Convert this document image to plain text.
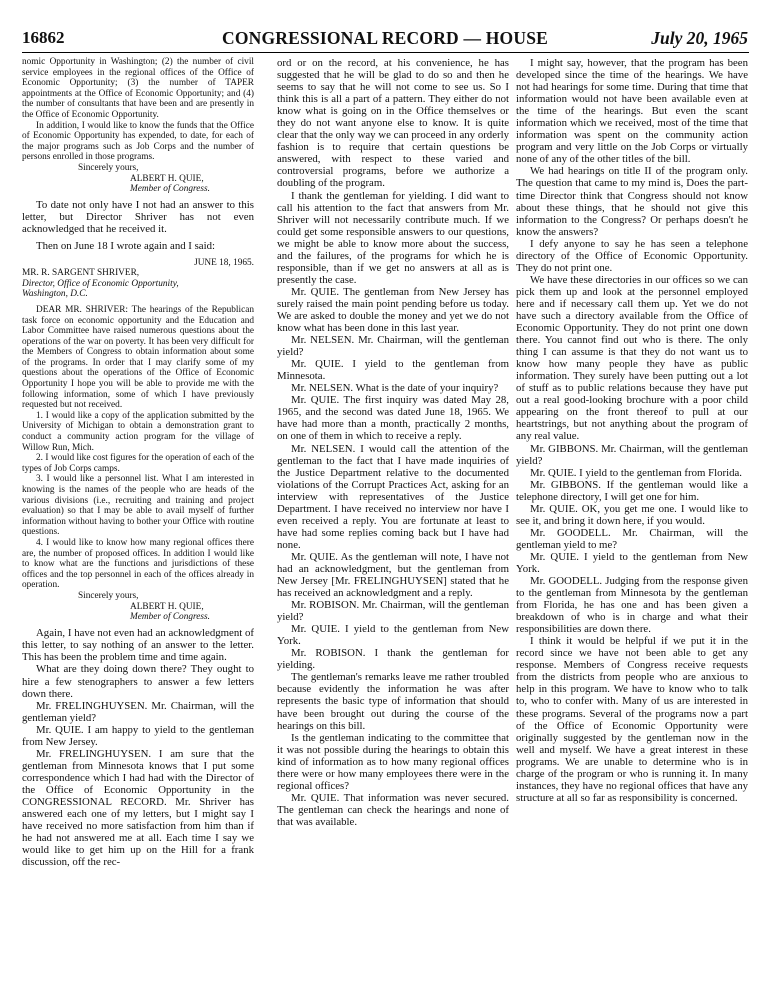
16862	CONGRESSIONAL RECORD — HOUSE	July 20, 1965

nomic Opportunity in Washington; (2) the number of civil service employees in the regional offices of the Office of Economic Opportunity; (3) the number of TAPER appointments at the Office of Economic Opportunity; and (4) the number of consultants that have been and are presently in the Office of Economic Opportunity.

In addition, I would like to know the funds that the Office of Economic Opportunity has expended, to date, for each of the major programs such as Job Corps and the number of persons enrolled in those programs.

Sincerely yours,

ALBERT H. QUIE,

Member of Congress.

To date not only have I not had an answer to this letter, but Director Shriver has not even acknowledged that he received it.

Then on June 18 I wrote again and I said:

JUNE 18, 1965.

MR. R. SARGENT SHRIVER,

Director, Office of Economic Opportunity,

Washington, D.C.

DEAR MR. SHRIVER: The hearings of the Republican task force on economic opportunity and the Education and Labor Committee have raised numerous questions about the operations of the war on poverty. It has been very difficult for the Members of Congress to obtain information about some of the programs. In order that I may clarify some of my questions about the operations of the Office of Economic Opportunity I hope you will be able to provide me with the following information, some of which I have previously requested but not received.

1. I would like a copy of the application submitted by the University of Michigan to obtain a demonstration grant to conduct a community action program for the village of Willow Run, Mich.

2. I would like cost figures for the operation of each of the types of Job Corps camps.

3. I would like a personnel list. What I am interested in knowing is the names of the people who are heads of the various divisions (i.e., recruiting and training and project evaluation) so that I may be able to avail myself of further information without having to bother your Office with routine questions.

4. I would like to know how many regional offices there are, the number of proposed offices. In addition I would like to know what are the functions and jurisdictions of these offices and the top personnel in each of the offices already in operation.

Sincerely yours,

ALBERT H. QUIE,

Member of Congress.

Again, I have not even had an acknowledgment of this letter, to say nothing of an answer to the letter. This has been the problem time and time again.

What are they doing down there? They ought to hire a few stenographers to answer a few letters down there.

Mr. FRELINGHUYSEN. Mr. Chairman, will the gentleman yield?

Mr. QUIE. I am happy to yield to the gentleman from New Jersey.

Mr. FRELINGHUYSEN. I am sure that the gentleman from Minnesota knows that I put some correspondence which I had had with the Director of the Office of Economic Opportunity in the CONGRESSIONAL RECORD. Mr. Shriver has answered each one of my letters, but I might say I have received no more satisfaction from him than if he had not answered me at all. Each time I say we would like to get him up on the Hill for a frank discussion, off the rec-

ord or on the record, at his convenience, he has suggested that he will be glad to do so and then he seems to say that he will not come to see us. So I think this is all a part of a pattern. They either do not know what is going on in the Office themselves or they do not want anyone else to know. It is quite clear that the only way we can proceed in any orderly fashion is to require that certain questions be answered, with respect to these varied and controversial programs, before we authorize a doubling of the program.

I thank the gentleman for yielding. I did want to call his attention to the fact that answers from Mr. Shriver will not necessarily contribute much. If we could get some responsible answers to our questions, we might be able to know more about the success, and the failures, of the programs for which he is responsible, than if we get no answers at all as is presently the case.

Mr. QUIE. The gentleman from New Jersey has surely raised the main point pending before us today. We are asked to double the money and yet we do not know what has been done in this last year.

Mr. NELSEN. Mr. Chairman, will the gentleman yield?

Mr. QUIE. I yield to the gentleman from Minnesota.

Mr. NELSEN. What is the date of your inquiry?

Mr. QUIE. The first inquiry was dated May 28, 1965, and the second was dated June 18, 1965. We have had more than a month, practically 2 months, on one of them in which to receive a reply.

Mr. NELSEN. I would call the attention of the gentleman to the fact that I have made inquiries of the Justice Department relative to the documented violations of the Corrupt Practices Act, asking for an interview with representatives of the Justice Department. I have received no interview nor have I even received a reply. You are fortunate at least to have had some replies coming back but I have had none.

Mr. QUIE. As the gentleman will note, I have not had an acknowledgment, but the gentleman from New Jersey [Mr. FRELINGHUYSEN] stated that he has received an acknowledgment and a reply.

Mr. ROBISON. Mr. Chairman, will the gentleman yield?

Mr. QUIE. I yield to the gentleman from New York.

Mr. ROBISON. I thank the gentleman for yielding.

The gentleman's remarks leave me rather troubled because evidently the information he was after represents the basic type of information that should have been brought out during the course of the hearings on this bill.

Is the gentleman indicating to the committee that it was not possible during the hearings to obtain this kind of information as to how many regional offices there were or how many employees there were in the regional offices?

Mr. QUIE. That information was never secured. The gentleman can check the hearings and none of that was available.

I might say, however, that the program has been developed since the time of the hearings. We have not had hearings for some time. During that time that information would not have been available even at the time of the hearings. But even the scant information which we received, most of the time that information was spent on the community action program and very little on the Job Corps or virtually none of any of the other titles of the bill.

We had hearings on title II of the program only. The question that came to my mind is, Does the part-time Director think that Congress should not know about these things, that he should not give this information to the Congress? Or perhaps doesn't he know the answers?

I defy anyone to say he has seen a telephone directory of the Office of Economic Opportunity. They do not print one.

We have these directories in our offices so we can pick them up and look at the personnel employed here and if necessary call them up. Yet we do not have such a directory available from the Office of Economic Opportunity. They do not print one down there. You cannot find out who is there. The only thing I can assume is that they do not want us to know how many people they have as public information. They surely have been putting out a lot of stuff as to public relations because they have put out a real good-looking brochure with a poor child appearing on the front thereof to pull at our heartstrings, but not anything about the program of any real value.

Mr. GIBBONS. Mr. Chairman, will the gentleman yield?

Mr. QUIE. I yield to the gentleman from Florida.

Mr. GIBBONS. If the gentleman would like a telephone directory, I will get one for him.

Mr. QUIE. OK, you get me one. I would like to see it, and bring it down here, if you would.

Mr. GOODELL. Mr. Chairman, will the gentleman yield to me?

Mr. QUIE. I yield to the gentleman from New York.

Mr. GOODELL. Judging from the response given to the gentleman from Minnesota by the gentleman from Florida, he has one and has been given a breakdown of who is in charge and what their responsibilities are down there.

I think it would be helpful if we put it in the record since we have not been able to get any response. Members of Congress receive requests from the districts from people who are anxious to help in this program. We have to know who to talk to, who to confer with. Many of us are interested in these programs. Several of the programs now a part of the Office of Economic Opportunity were originally suggested by the gentleman now in the well and myself. We have a great interest in these programs. We are unable to determine who is in charge of the program or who is running it. In many instances, they have no regional offices that have any structure at all so far as responsibility is concerned.
